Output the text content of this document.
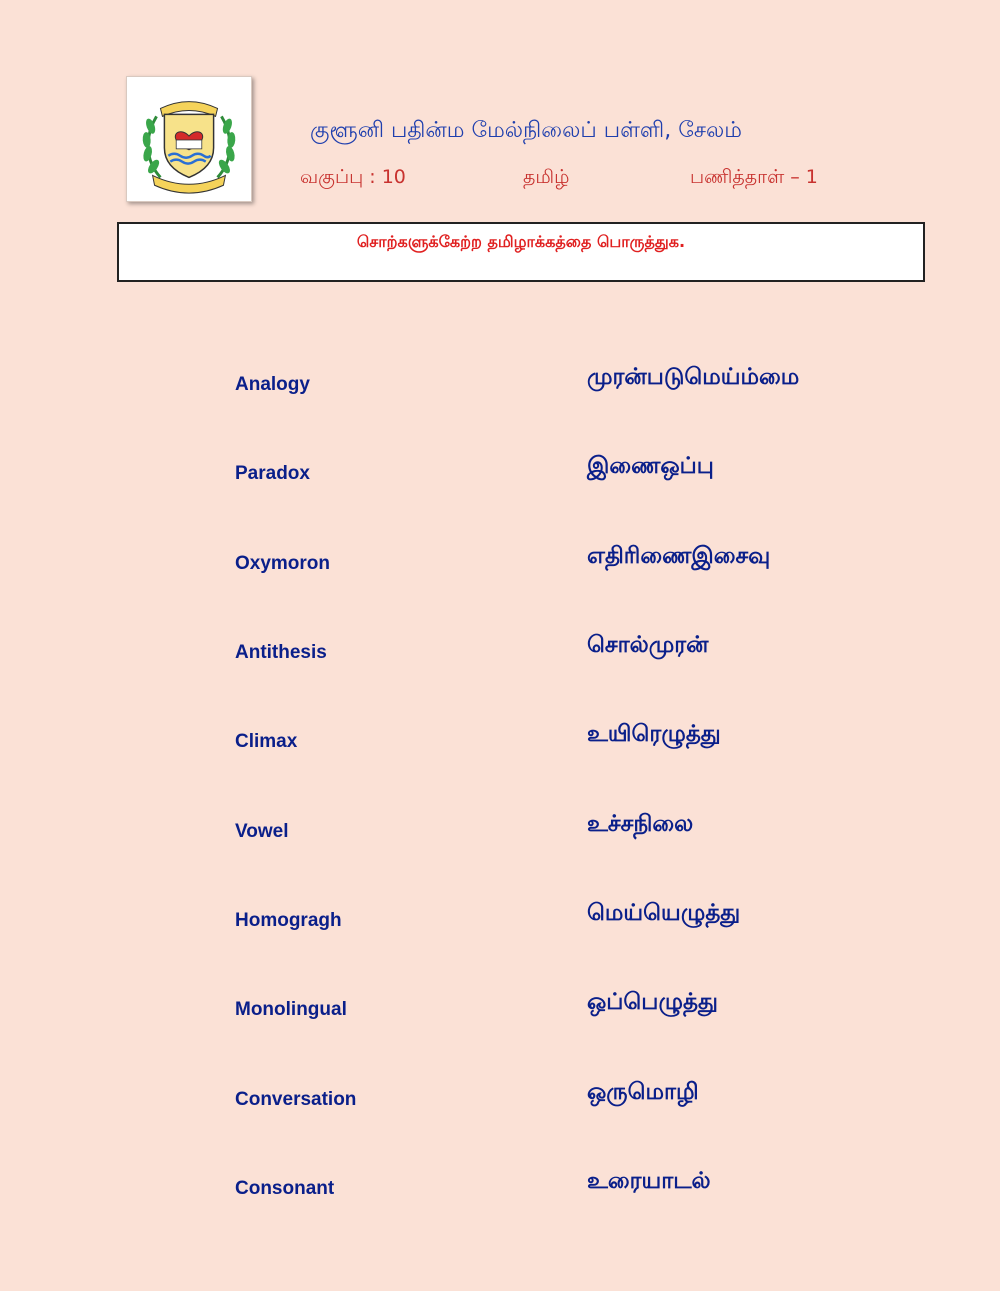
குளூனி பதின்ம மேல்நிலைப் பள்ளி, சேலம்
வகுப்பு : 10	தமிழ்	பணித்தாள் – 1
சொற்களுக்கேற்ற தமிழாக்கத்தை பொருத்துக.
Analogy	முரன்படுமெய்ம்மை
Paradox	இணைஒப்பு
Oxymoron	எதிரிணைஇசைவு
Antithesis	சொல்முரன்
Climax	உயிரெழுத்து
Vowel	உச்சநிலை
Homogragh	மெய்யெழுத்து
Monolingual	ஒப்பெழுத்து
Conversation	ஒருமொழி
Consonant	உரையாடல்
